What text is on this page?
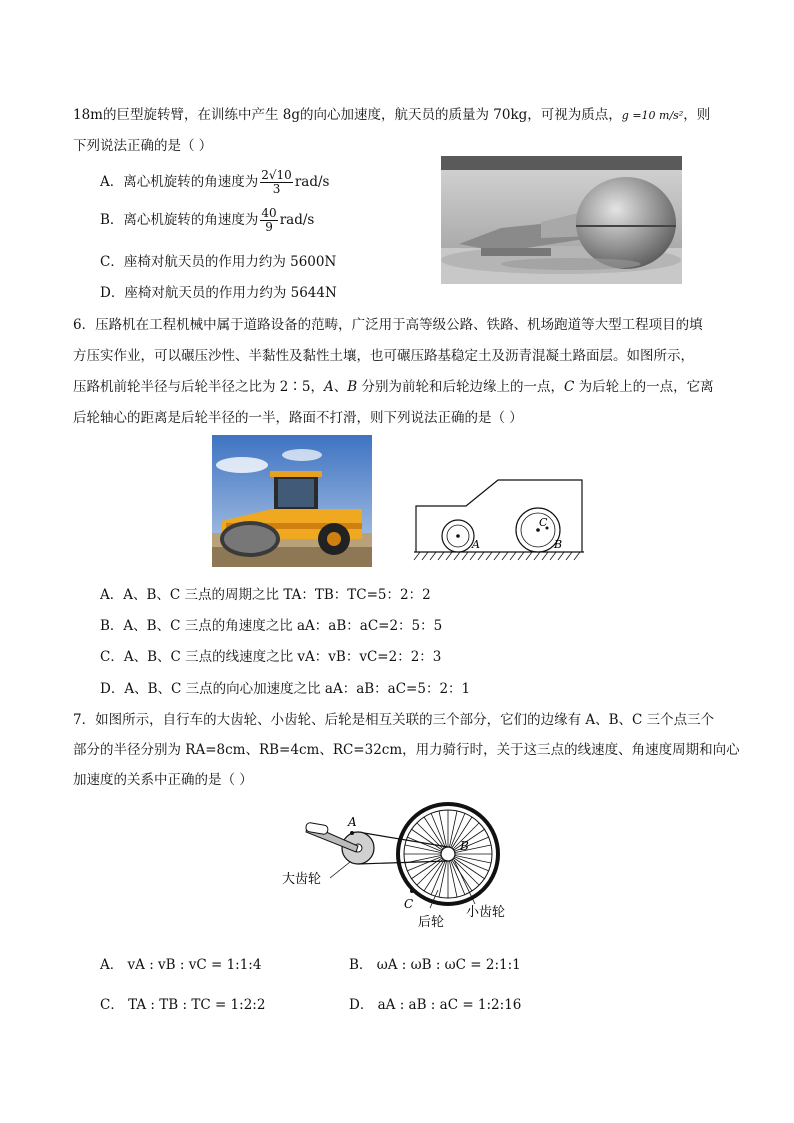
18m的巨型旋转臂，在训练中产生 8g的向心加速度，航天员的质量为 70kg，可视为质点，g =10 m/s²，则
下列说法正确的是（ ）
A．离心机旋转的角速度为 $\frac{2√10}{3} rad/s$
B．离心机旋转的角速度为 $\frac{40}{9} rad/s$
C．座椅对航天员的作用力约为 5600N
D．座椅对航天员的作用力约为 5644N
6．压路机在工程机械中属于道路设备的范畴，广泛用于高等级公路、铁路、机场跑道等大型工程项目的填
方压实作业，可以碾压沙性、半黏性及黏性土壤，也可碾压路基稳定土及沥青混凝土路面层。如图所示，
压路机前轮半径与后轮半径之比为 2∶5，A、B 分别为前轮和后轮边缘上的一点，C 为后轮上的一点，它离
后轮轴心的距离是后轮半径的一半，路面不打滑，则下列说法正确的是（ ）
A
C
B
A．A、B、C 三点的周期之比 TA：TB：TC=5：2：2
B．A、B、C 三点的角速度之比 aA：aB：aC=2：5：5
C．A、B、C 三点的线速度之比 vA：vB：vC=2：2：3
D．A、B、C 三点的向心加速度之比 aA：aB：aC=5：2：1
7．如图所示，自行车的大齿轮、小齿轮、后轮是相互关联的三个部分，它们的边缘有 A、B、C 三个点三个
部分的半径分别为 RA=8cm、RB=4cm、RC=32cm，用力骑行时，关于这三点的线速度、角速度周期和向心
加速度的关系中正确的是（ ）
A
B
C
大齿轮
后轮
小齿轮
A． vA : vB : vC = 1:1:4	B． ωA : ωB : ωC = 2:1:1
C． TA : TB : TC = 1:2:2	D． aA : aB : aC = 1:2:16
